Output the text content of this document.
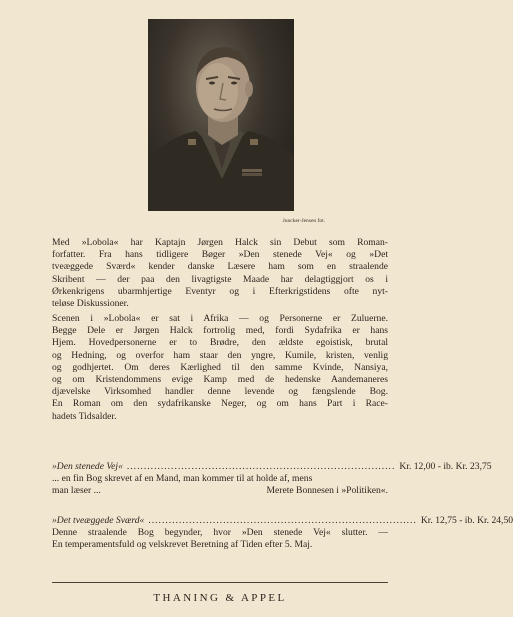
Juncker-Jensen fot.
Med »Lobola« har Kaptajn Jørgen Halck sin Debut som Roman-
forfatter. Fra hans tidligere Bøger »Den stenede Vej« og »Det
tveæggede Sværd« kender danske Læsere ham som en straalende
Skribent — der paa den livagtigste Maade har delagtiggjort os i
Ørkenkrigens ubarmhjertige Eventyr og i Efterkrigstidens ofte nyt-
teløse Diskussioner.
Scenen i »Lobola« er sat i Afrika — og Personerne er Zuluerne.
Begge Dele er Jørgen Halck fortrolig med, fordi Sydafrika er hans
Hjem. Hovedpersonerne er to Brødre, den ældste egoistisk, brutal
og Hedning, og overfor ham staar den yngre, Kumile, kristen, venlig
og godhjertet. Om deres Kærlighed til den samme Kvinde, Nansiya,
og om Kristendommens evige Kamp med de hedenske Aandemaneres
djævelske Virksomhed handler denne levende og fængslende Bog.
En Roman om den sydafrikanske Neger, og om hans Part i Race-
hadets Tidsalder.
»Den stenede Vej« ............................................................................... Kr. 12,00 - ib. Kr. 23,75
... en fin Bog skrevet af en Mand, man kommer til at holde af, mens
man læser ...	Merete Bonnesen i »Politiken«.
»Det tveæggede Sværd« ............................................................................... Kr. 12,75 - ib. Kr. 24,50
Denne straalende Bog begynder, hvor »Den stenede Vej« slutter. —
En temperamentsfuld og velskrevet Beretning af Tiden efter 5. Maj.
THANING & APPEL
